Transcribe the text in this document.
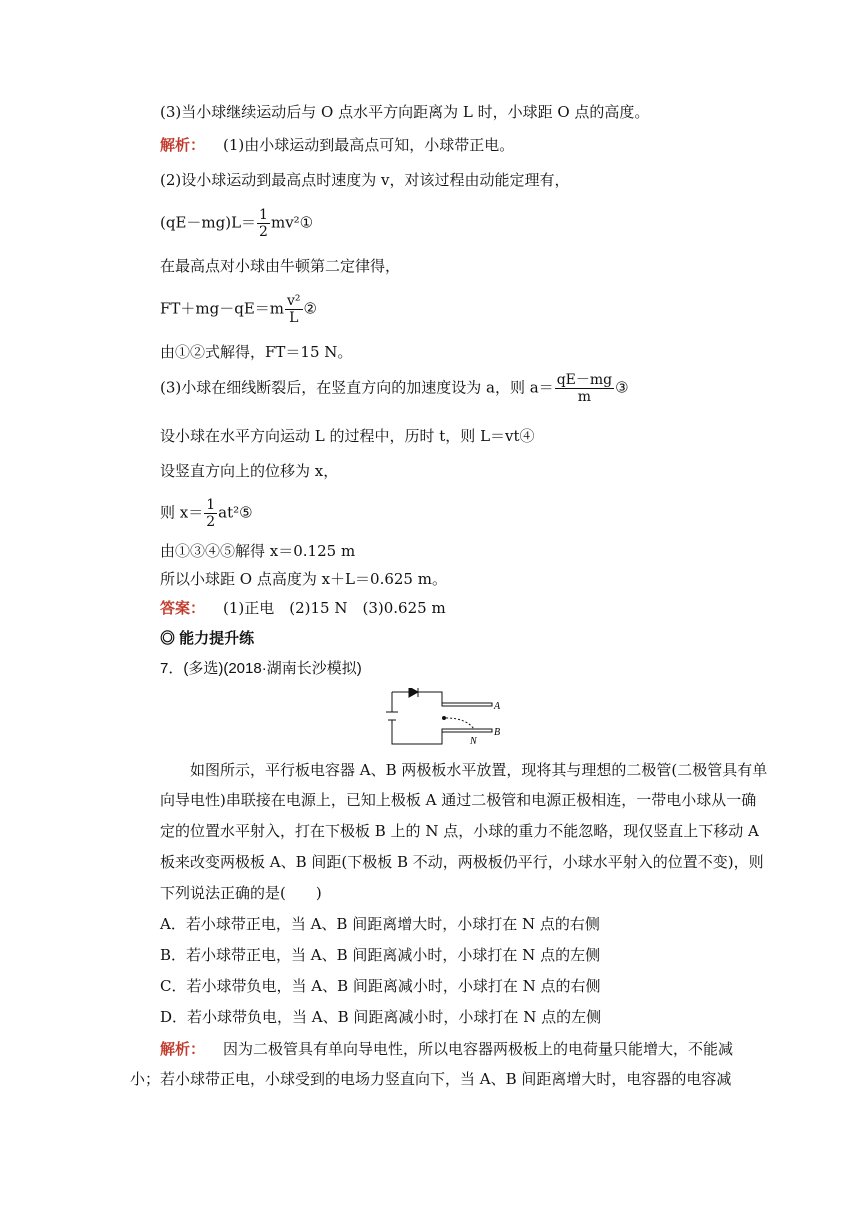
(3)当小球继续运动后与 O 点水平方向距离为 L 时，小球距 O 点的高度。
解析： (1)由小球运动到最高点可知，小球带正电。
(2)设小球运动到最高点时速度为 v，对该过程由动能定理有，
$(qE-mg)L= \frac{1}{2}$ mv²①
在最高点对小球由牛顿第二定律得，
$FT+mg-qE=m \frac{\text{v²}}{L}$ ②
由①②式解得，FT＝15 N。
(3)小球在细线断裂后，在竖直方向的加速度设为 a，则 $a= \frac{qE-mg}{m}$ ③
设小球在水平方向运动 L 的过程中，历时 t，则 L＝vt④
设竖直方向上的位移为 x，
则 $x= \frac{1}{2}$ at²⑤
由①③④⑤解得 x＝0.125 m
所以小球距 O 点高度为 x＋L＝0.625 m。
答案： (1)正电　(2)15 N　(3)0.625 m
◎ 能力提升练
7．(多选)(2018·湖南长沙模拟)
A
B
N
如图所示，平行板电容器 A、B 两极板水平放置，现将其与理想的二极管(二极管具有单
向导电性)串联接在电源上，已知上极板 A 通过二极管和电源正极相连，一带电小球从一确
定的位置水平射入，打在下极板 B 上的 N 点，小球的重力不能忽略，现仅竖直上下移动 A
板来改变两极板 A、B 间距(下极板 B 不动，两极板仍平行，小球水平射入的位置不变)，则
下列说法正确的是(　　)
A．若小球带正电，当 A、B 间距离增大时，小球打在 N 点的右侧
B．若小球带正电，当 A、B 间距离减小时，小球打在 N 点的左侧
C．若小球带负电，当 A、B 间距离减小时，小球打在 N 点的右侧
D．若小球带负电，当 A、B 间距离减小时，小球打在 N 点的左侧
解析： 因为二极管具有单向导电性，所以电容器两极板上的电荷量只能增大，不能减
小；若小球带正电，小球受到的电场力竖直向下，当 A、B 间距离增大时，电容器的电容减
